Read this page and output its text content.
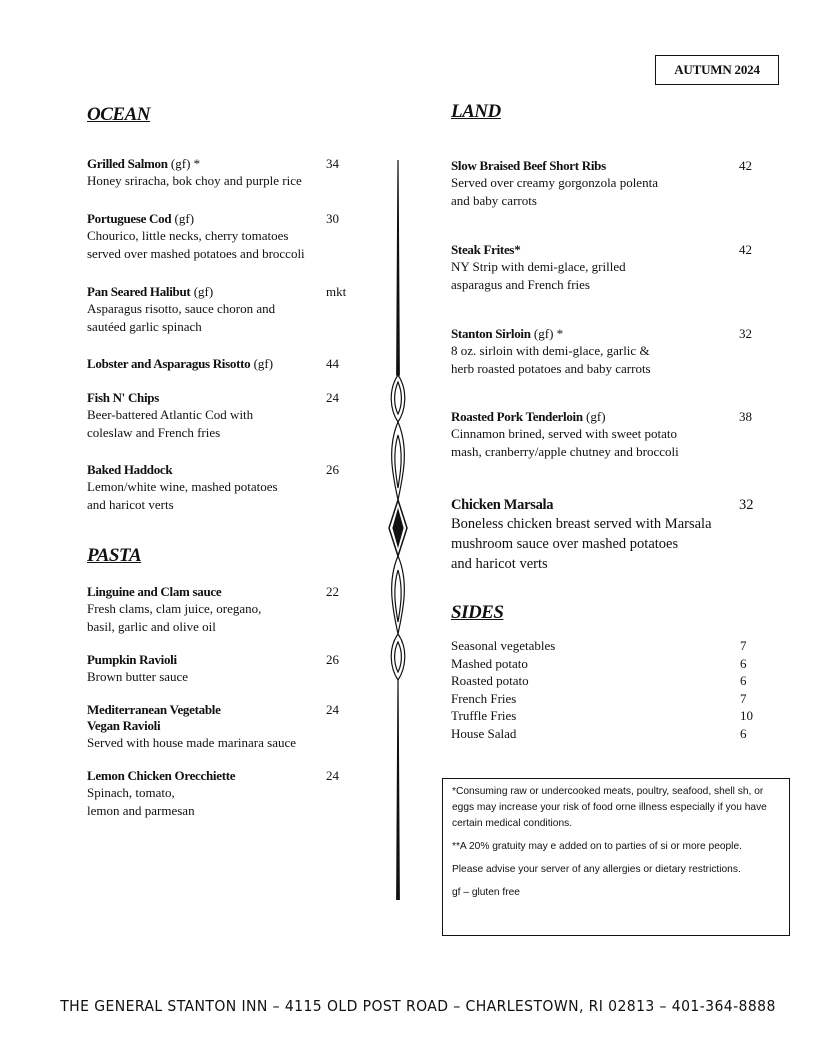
AUTUMN 2024
OCEAN
Grilled Salmon (gf) *	34
Honey sriracha, bok choy and purple rice
Portuguese Cod (gf)	30
Chourico, little necks, cherry tomatoes
served over mashed potatoes and broccoli
Pan Seared Halibut (gf)	mkt
Asparagus risotto, sauce choron and
sautéed garlic spinach
Lobster and Asparagus Risotto (gf)	44
Fish N' Chips	24
Beer-battered Atlantic Cod with
coleslaw and French fries
Baked Haddock	26
Lemon/white wine, mashed potatoes
and haricot verts
PASTA
Linguine and Clam sauce	22
Fresh clams, clam juice, oregano,
basil, garlic and olive oil
Pumpkin Ravioli	26
Brown butter sauce
Mediterranean Vegetable	24
Vegan Ravioli
Served with house made marinara sauce
Lemon Chicken Orecchiette	24
Spinach, tomato,
lemon and parmesan
LAND
Slow Braised Beef Short Ribs	42
Served over creamy gorgonzola polenta
and baby carrots
Steak Frites*	42
NY Strip with demi-glace, grilled
asparagus and French fries
Stanton Sirloin (gf) *	32
8 oz. sirloin with demi-glace, garlic &
herb roasted potatoes and baby carrots
Roasted Pork Tenderloin (gf)	38
Cinnamon brined, served with sweet potato
mash, cranberry/apple chutney and broccoli
Chicken Marsala	32
Boneless chicken breast served with Marsala
mushroom sauce over mashed potatoes
and haricot verts
SIDES
Seasonal vegetables	7
Mashed potato	6
Roasted potato	6
French Fries	7
Truffle Fries	10
House Salad	6

*Consuming raw or undercooked meats, poultry, seafood, shell sh, or eggs may increase your risk of food orne illness especially if you have certain medical conditions.

**A 20% gratuity may e added on to parties of si or more people.

Please advise your server of any allergies or dietary restrictions.

gf – gluten free

THE GENERAL STANTON INN – 4115 OLD POST ROAD – CHARLESTOWN, RI 02813 – 401-364-8888
